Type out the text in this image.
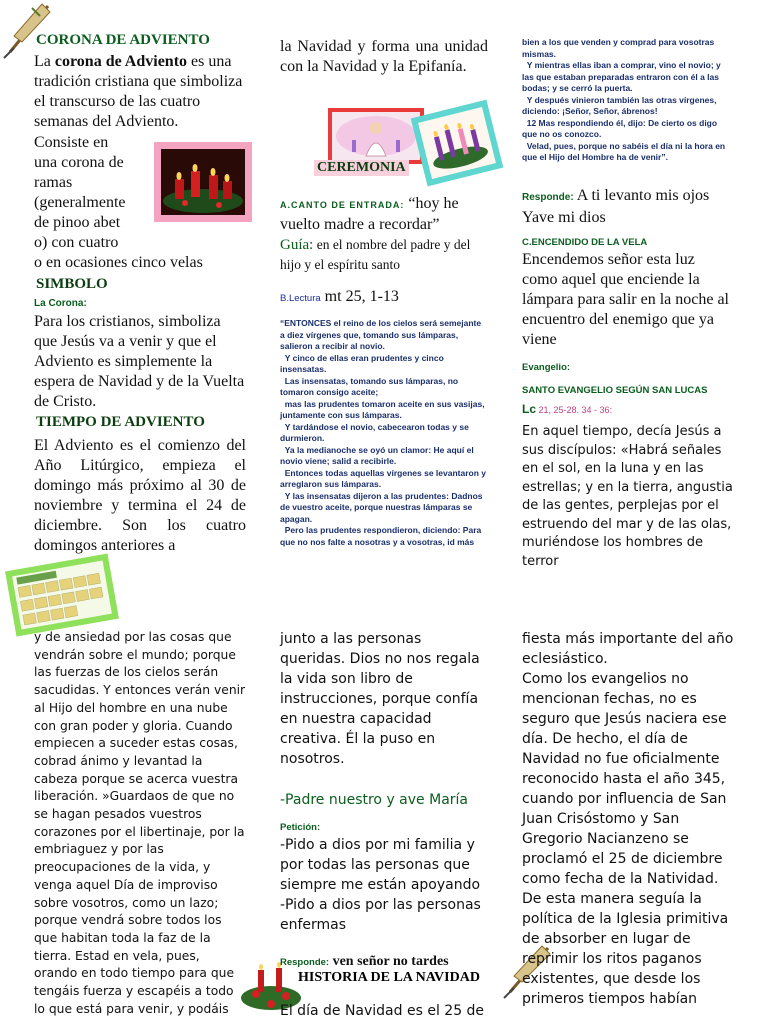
CORONA DE ADVIENTO
La corona de Adviento es una tradición cristiana que simboliza el transcurso de las cuatro semanas del Adviento.
Consiste en
una corona de
ramas
(generalmente
de pinoo abet
o) con cuatro
o en ocasiones cinco velas
SIMBOLO
La Corona:
Para los cristianos, simboliza que Jesús va a venir y que el Adviento es simplemente la espera de Navidad y de la Vuelta de Cristo.
TIEMPO DE ADVIENTO
El Adviento es el comienzo del Año Litúrgico, empieza el domingo más próximo al 30 de noviembre y termina el 24 de diciembre. Son los cuatro domingos anteriores a
la Navidad y forma una unidad con la Navidad y la Epifanía.
CEREMONIA
A.CANTO DE ENTRADA: “hoy he vuelto madre a recordar”
Guía: en el nombre del padre y del hijo y el espíritu santo
B.Lectura mt 25, 1-13
“ENTONCES el reino de los cielos será semejante a diez vírgenes que, tomando sus lámparas, salieron a recibir al novio.
Y cinco de ellas eran prudentes y cinco insensatas.
Las insensatas, tomando sus lámparas, no tomaron consigo aceite;
mas las prudentes tomaron aceite en sus vasijas, juntamente con sus lámparas.
Y tardándose el novio, cabecearon todas y se durmieron.
Ya la medianoche se oyó un clamor: He aquí el novio viene; salid a recibirle.
Entonces todas aquellas vírgenes se levantaron y arreglaron sus lámparas.
Y las insensatas dijeron a las prudentes: Dadnos de vuestro aceite, porque nuestras lámparas se apagan.
Pero las prudentes respondieron, diciendo: Para que no nos falte a nosotras y a vosotras, id más
bien a los que venden y comprad para vosotras mismas.
Y mientras ellas iban a comprar, vino el novio; y las que estaban preparadas entraron con él a las bodas; y se cerró la puerta.
Y después vinieron también las otras vírgenes, diciendo: ¡Señor, Señor, ábrenos!
12 Mas respondiendo él, dijo: De cierto os digo que no os conozco.
Velad, pues, porque no sabéis el día ni la hora en que el Hijo del Hombre ha de venir”.
Responde: A ti levanto mis ojos Yave mi dios
C.ENCENDIDO DE LA VELA
Encendemos señor esta luz como aquel que enciende la lámpara para salir en la noche al encuentro del enemigo que ya viene
Evangelio:
SANTO EVANGELIO SEGÚN SAN LUCAS
Lc 21, 25-28. 34 - 36:
En aquel tiempo, decía Jesús a sus discípulos: «Habrá señales en el sol, en la luna y en las estrellas; y en la tierra, angustia de las gentes, perplejas por el estruendo del mar y de las olas, muriéndose los hombres de terror
y de ansiedad por las cosas que vendrán sobre el mundo; porque las fuerzas de los cielos serán sacudidas. Y entonces verán venir al Hijo del hombre en una nube con gran poder y gloria. Cuando empiecen a suceder estas cosas, cobrad ánimo y levantad la cabeza porque se acerca vuestra liberación. »Guardaos de que no se hagan pesados vuestros corazones por el libertinaje, por la embriaguez y por las preocupaciones de la vida, y venga aquel Día de improviso sobre vosotros, como un lazo; porque vendrá sobre todos los que habitan toda la faz de la tierra. Estad en vela, pues, orando en todo tiempo para que tengáis fuerza y escapéis a todo lo que está para venir, y podáis
junto a las personas queridas. Dios no nos regala la vida son libro de instrucciones, porque confía en nuestra capacidad creativa. Él la puso en nosotros.
-Padre nuestro y ave María
Petición:
-Pido a dios por mi familia y por todas las personas que siempre me están apoyando
-Pido a dios por las personas enfermas
Responde: ven señor no tardes
HISTORIA DE LA NAVIDAD
El día de Navidad es el 25 de
fiesta más importante del año eclesiástico.
Como los evangelios no mencionan fechas, no es seguro que Jesús naciera ese día. De hecho, el día de Navidad no fue oficialmente reconocido hasta el año 345, cuando por influencia de San Juan Crisóstomo y San Gregorio Nacianzeno se proclamó el 25 de diciembre como fecha de la Natividad.
De esta manera seguía la política de la Iglesia primitiva de absorber en lugar de reprimir los ritos paganos existentes, que desde los primeros tiempos habían
